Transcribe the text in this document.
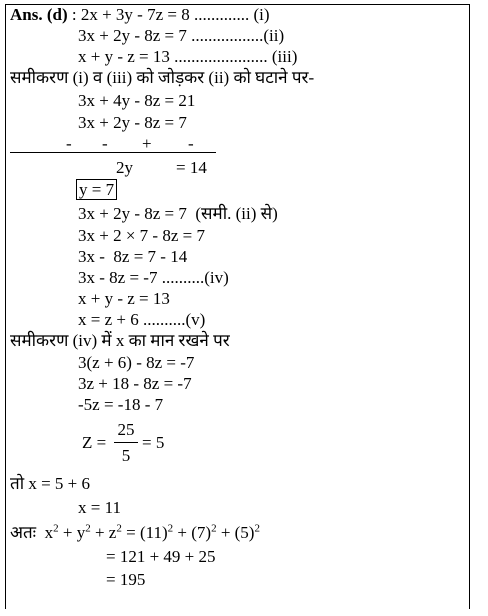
Ans. (d) : 2x + 3y - 7z = 8 ............. (i)
3x + 2y - 8z = 7 .................(ii)
x + y - z = 13 ...................... (iii)
समीकरण (i) व (iii) को जोड़कर (ii) को घटाने पर-
3x + 4y - 8z = 21
3x + 2y - 8z = 7
- - + -
2y	= 14
y = 7
3x + 2y - 8z = 7 (समी. (ii) से)
3x + 2 × 7 - 8z = 7
3x -  8z = 7 - 14
3x - 8z = -7 ..........(iv)
x + y - z = 13
x = z + 6 ..........(v)
समीकरण (iv) में x का मान रखने पर
3(z + 6) - 8z = -7
3z + 18 - 8z = -7
-5z = -18 - 7
Z =
25
5
= 5
तो x = 5 + 6
x = 11
अतः $x^2 + y^2 + z^2 = (11)^2 + (7)^2 + (5)^2$
= 121 + 49 + 25
= 195
